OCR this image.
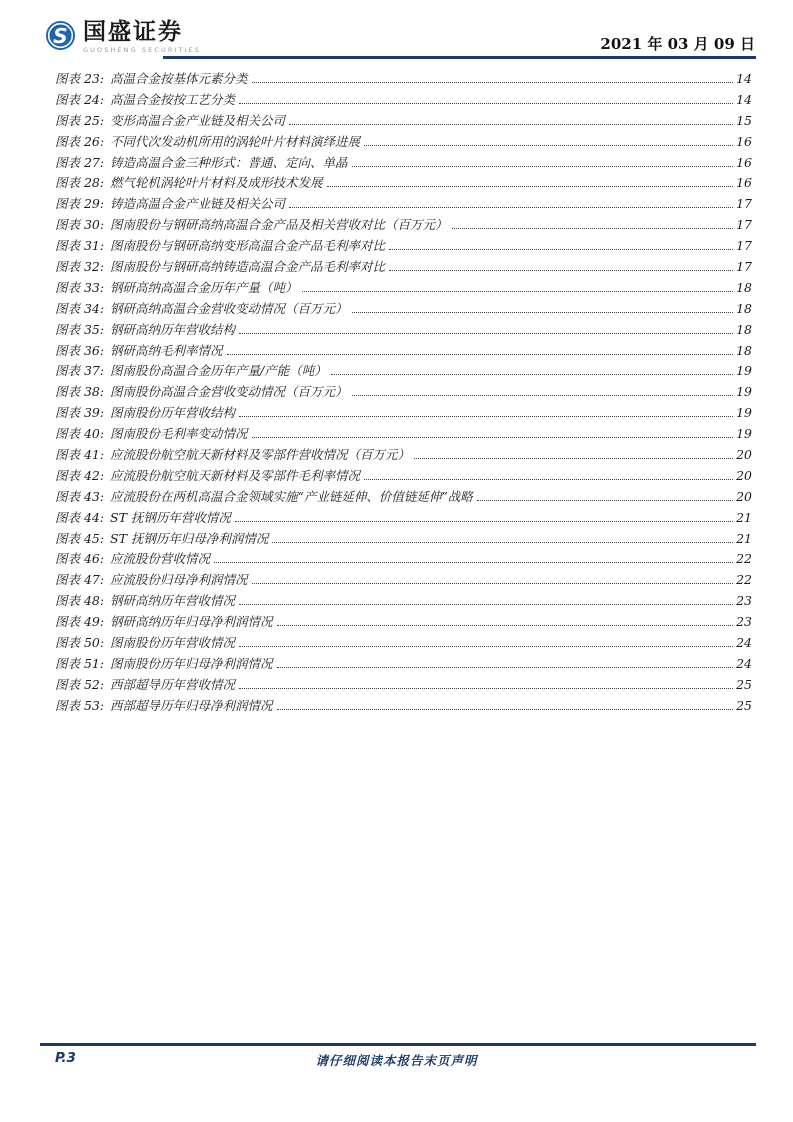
S 国盛证券
GUOSHENG SECURITIES	2021 年 03 月 09 日
图表 23: 高温合金按基体元素分类	14
图表 24: 高温合金按按工艺分类	14
图表 25: 变形高温合金产业链及相关公司	15
图表 26: 不同代次发动机所用的涡轮叶片材料演绎进展	16
图表 27: 铸造高温合金三种形式：普通、定向、单晶	16
图表 28: 燃气轮机涡轮叶片材料及成形技术发展	16
图表 29: 铸造高温合金产业链及相关公司	17
图表 30: 图南股份与钢研高纳高温合金产品及相关营收对比（百万元）	17
图表 31: 图南股份与钢研高纳变形高温合金产品毛利率对比	17
图表 32: 图南股份与钢研高纳铸造高温合金产品毛利率对比	17
图表 33: 钢研高纳高温合金历年产量（吨）	18
图表 34: 钢研高纳高温合金营收变动情况（百万元）	18
图表 35: 钢研高纳历年营收结构	18
图表 36: 钢研高纳毛利率情况	18
图表 37: 图南股份高温合金历年产量/产能（吨）	19
图表 38: 图南股份高温合金营收变动情况（百万元）	19
图表 39: 图南股份历年营收结构	19
图表 40: 图南股份毛利率变动情况	19
图表 41: 应流股份航空航天新材料及零部件营收情况（百万元）	20
图表 42: 应流股份航空航天新材料及零部件毛利率情况	20
图表 43: 应流股份在两机高温合金领域实施“产业链延伸、价值链延伸”战略	20
图表 44: ST 抚钢历年营收情况	21
图表 45: ST 抚钢历年归母净利润情况	21
图表 46: 应流股份营收情况	22
图表 47: 应流股份归母净利润情况	22
图表 48: 钢研高纳历年营收情况	23
图表 49: 钢研高纳历年归母净利润情况	23
图表 50: 图南股份历年营收情况	24
图表 51: 图南股份历年归母净利润情况	24
图表 52: 西部超导历年营收情况	25
图表 53: 西部超导历年归母净利润情况	25
P.3	请仔细阅读本报告末页声明
